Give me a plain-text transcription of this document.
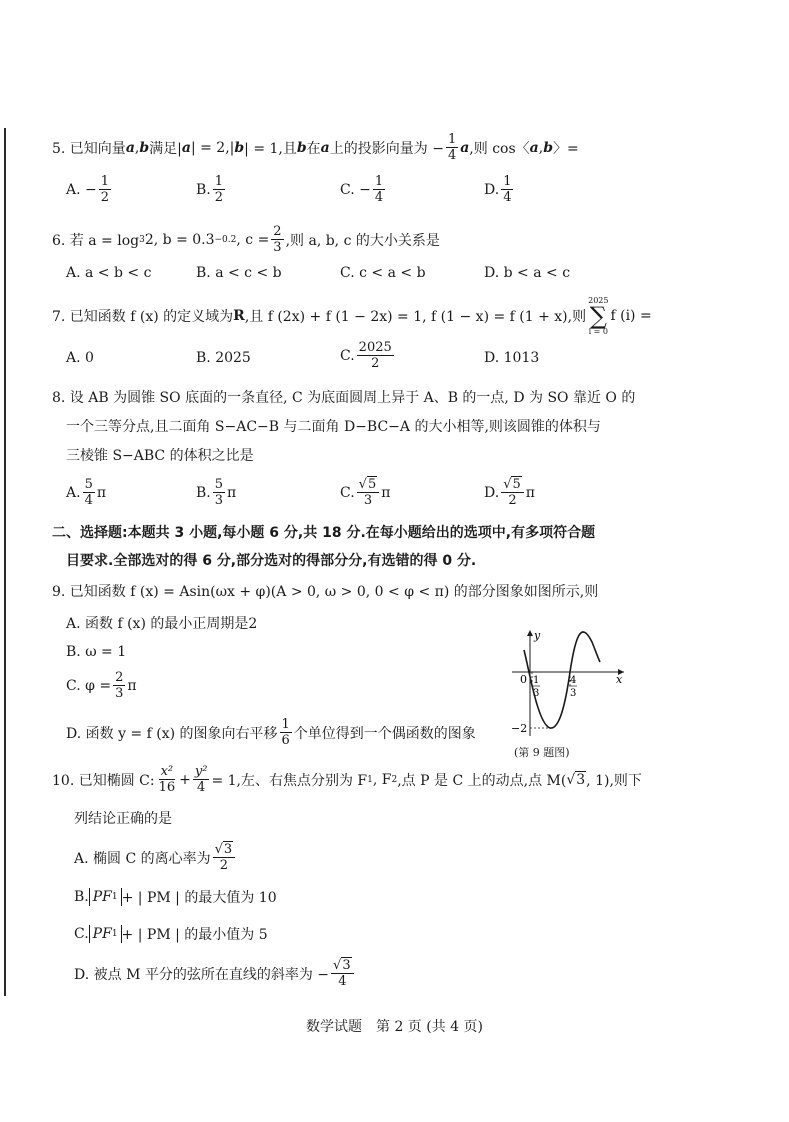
5. 已知向量 a , b 满足| a | = 2,| b | = 1,且 b 在 a 上的投影向量为 − $\frac{1}{4}$ a ,则 cos〈 a , b 〉=
A. − $\frac{1}{2}$	B. $\frac{1}{2}$	C. − $\frac{1}{4}$	D. $\frac{1}{4}$
6. 若 a = log 3 2, b = 0.3 −0.2 , $c = \frac{2}{3}$ ,则 a, b, c 的大小关系是
A. a < b < c	B. a < c < b	C. c < a < b	D. b < a < c
7. 已知函数 f (x) 的定义域为 R ,且 f (2x) + f (1 − 2x) = 1, f (1 − x) = f (1 + x),则
2025
∑
i = 0
f (i) =
A. 0	B. 2025	C. $\frac{2025}{2}$	D. 1013
8. 设 AB 为圆锥 SO 底面的一条直径, C 为底面圆周上异于 A、B 的一点, D 为 SO 靠近 O 的
一个三等分点,且二面角 S−AC−B 与二面角 D−BC−A 的大小相等,则该圆锥的体积与
三棱锥 S−ABC 的体积之比是
A. $\frac{5}{4}$ π	B. $\frac{5}{3}$ π	C. $\frac{√5}{3}$ π	D. $\frac{√5}{2}$ π
二、选择题:本题共 3 小题,每小题 6 分,共 18 分.在每小题给出的选项中,有多项符合题
目要求.全部选对的得 6 分,部分选对的得部分分,有选错的得 0 分.
9. 已知函数 f (x) = Asin(ωx + φ)(A > 0, ω > 0, 0 < φ < π) 的部分图象如图所示,则
A. 函数 f (x) 的最小正周期是2
B. ω = 1
C. $\varphi = \frac{2}{3}$ π
D. 函数 y = f (x) 的图象向右平移 $\frac{1}{6}$ 个单位得到一个偶函数的图象
y
x
0 1
3
4
3
−2
(第 9 题图)
10. 已知椭圆 C: $\frac{\text{x²}}{16} + \frac{\text{y²}}{4} = 1$,左、右焦点分别为 F 1 , F 2 ,点 P 是 C 上的动点,点 M( √ 3 , 1),则下
列结论正确的是
A. 椭圆 C 的离心率为 $\frac{√3}{2}$
B. PF 1 + | PM | 的最大值为 10
C. PF 1 + | PM | 的最小值为 5
D. 被点 M 平分的弦所在直线的斜率为 − $\frac{√3}{4}$
数学试题　第 2 页 (共 4 页)
